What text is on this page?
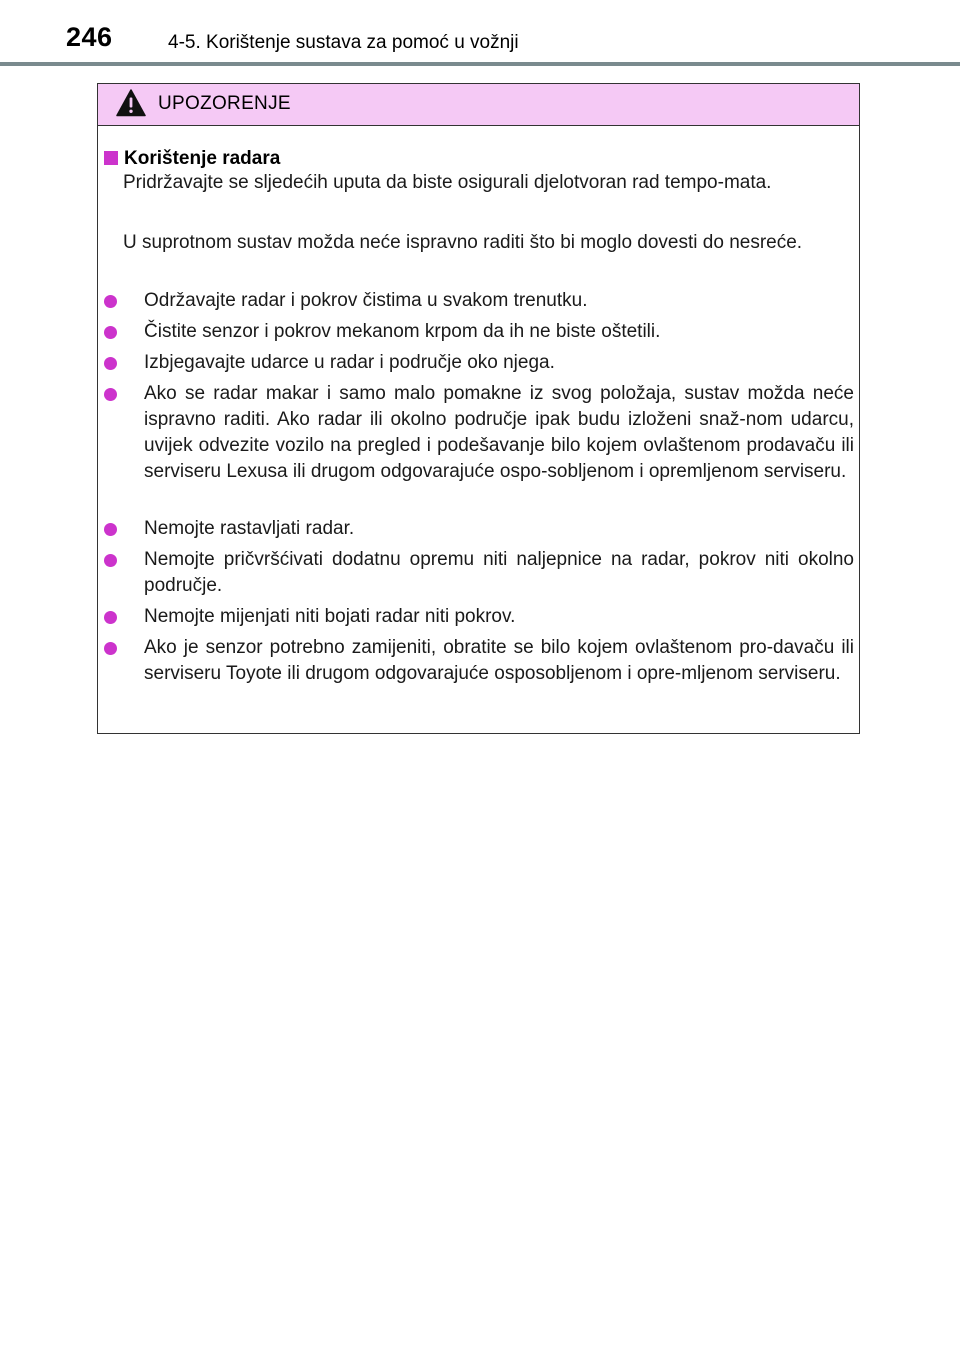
246	4-5. Korištenje sustava za pomoć u vožnji
UPOZORENJE
Korištenje radara
Pridržavajte se sljedećih uputa da biste osigurali djelotvoran rad tempo-mata.
U suprotnom sustav možda neće ispravno raditi što bi moglo dovesti do nesreće.
Održavajte radar i pokrov čistima u svakom trenutku.
Čistite senzor i pokrov mekanom krpom da ih ne biste oštetili.
Izbjegavajte udarce u radar i područje oko njega.
Ako se radar makar i samo malo pomakne iz svog položaja, sustav možda neće ispravno raditi. Ako radar ili okolno područje ipak budu izloženi snaž-nom udarcu, uvijek odvezite vozilo na pregled i podešavanje bilo kojem ovlaštenom prodavaču ili serviseru Lexusa ili drugom odgovarajuće ospo-sobljenom i opremljenom serviseru.
Nemojte rastavljati radar.
Nemojte pričvršćivati dodatnu opremu niti naljepnice na radar, pokrov niti okolno područje.
Nemojte mijenjati niti bojati radar niti pokrov.
Ako je senzor potrebno zamijeniti, obratite se bilo kojem ovlaštenom pro-davaču ili serviseru Toyote ili drugom odgovarajuće osposobljenom i opre-mljenom serviseru.
